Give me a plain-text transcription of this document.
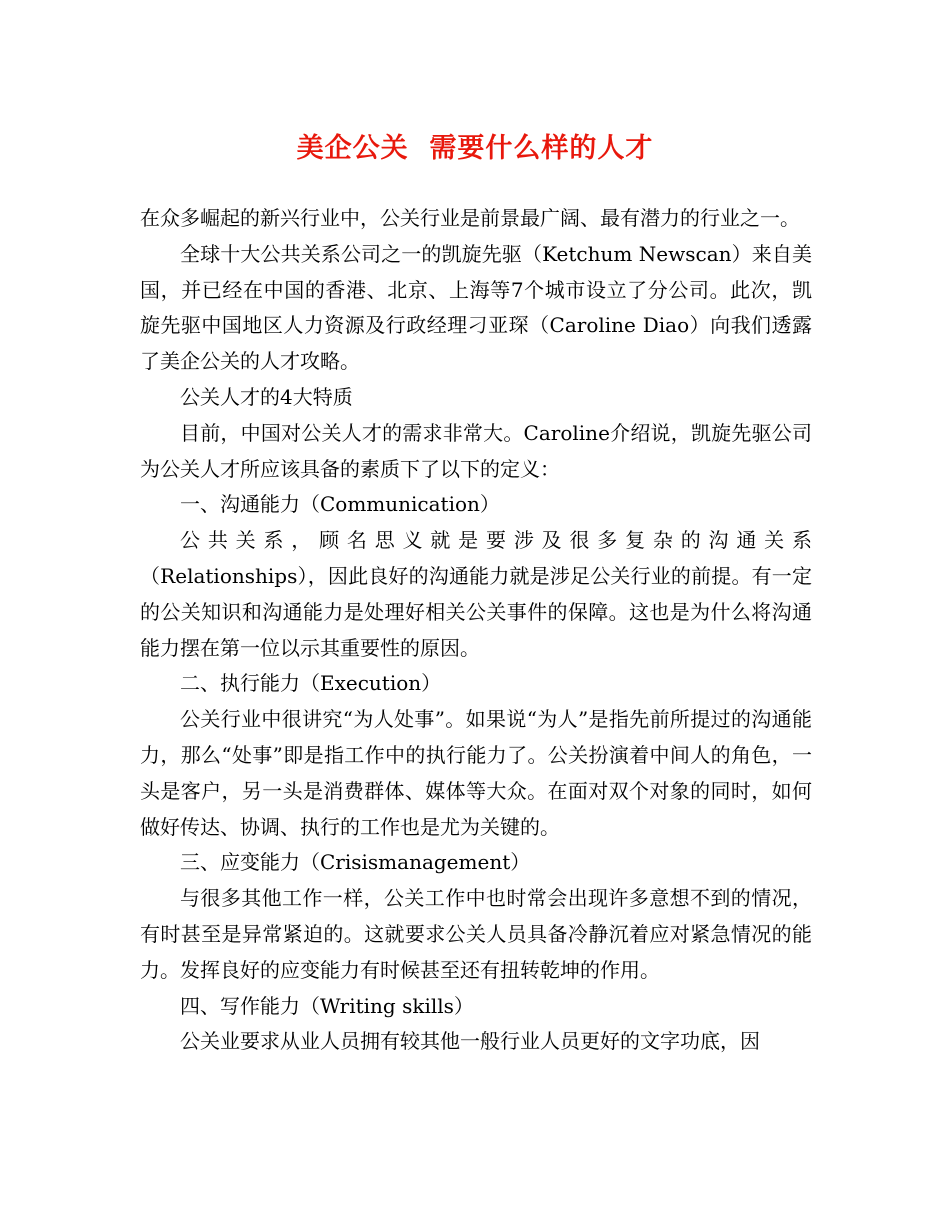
美企公关  需要什么样的人才

在众多崛起的新兴行业中，公关行业是前景最广阔、最有潜力的行业之一。

全球十大公共关系公司之一的凯旋先驱（Ketchum Newscan）来自美国，并已经在中国的香港、北京、上海等7个城市设立了分公司。此次，凯旋先驱中国地区人力资源及行政经理刁亚琛（Caroline Diao）向我们透露了美企公关的人才攻略。

公关人才的4大特质

目前，中国对公关人才的需求非常大。Caroline介绍说，凯旋先驱公司为公关人才所应该具备的素质下了以下的定义：

一、沟通能力（Communication）

公共关系，顾名思义就是要涉及很多复杂的沟通关系（Relationships），因此良好的沟通能力就是涉足公关行业的前提。有一定的公关知识和沟通能力是处理好相关公关事件的保障。这也是为什么将沟通能力摆在第一位以示其重要性的原因。

二、执行能力（Execution）

公关行业中很讲究“为人处事”。如果说“为人”是指先前所提过的沟通能力，那么“处事”即是指工作中的执行能力了。公关扮演着中间人的角色，一头是客户，另一头是消费群体、媒体等大众。在面对双个对象的同时，如何做好传达、协调、执行的工作也是尤为关键的。

三、应变能力（Crisismanagement）

与很多其他工作一样，公关工作中也时常会出现许多意想不到的情况，有时甚至是异常紧迫的。这就要求公关人员具备冷静沉着应对紧急情况的能力。发挥良好的应变能力有时候甚至还有扭转乾坤的作用。

四、写作能力（Writing skills）

公关业要求从业人员拥有较其他一般行业人员更好的文字功底，因
